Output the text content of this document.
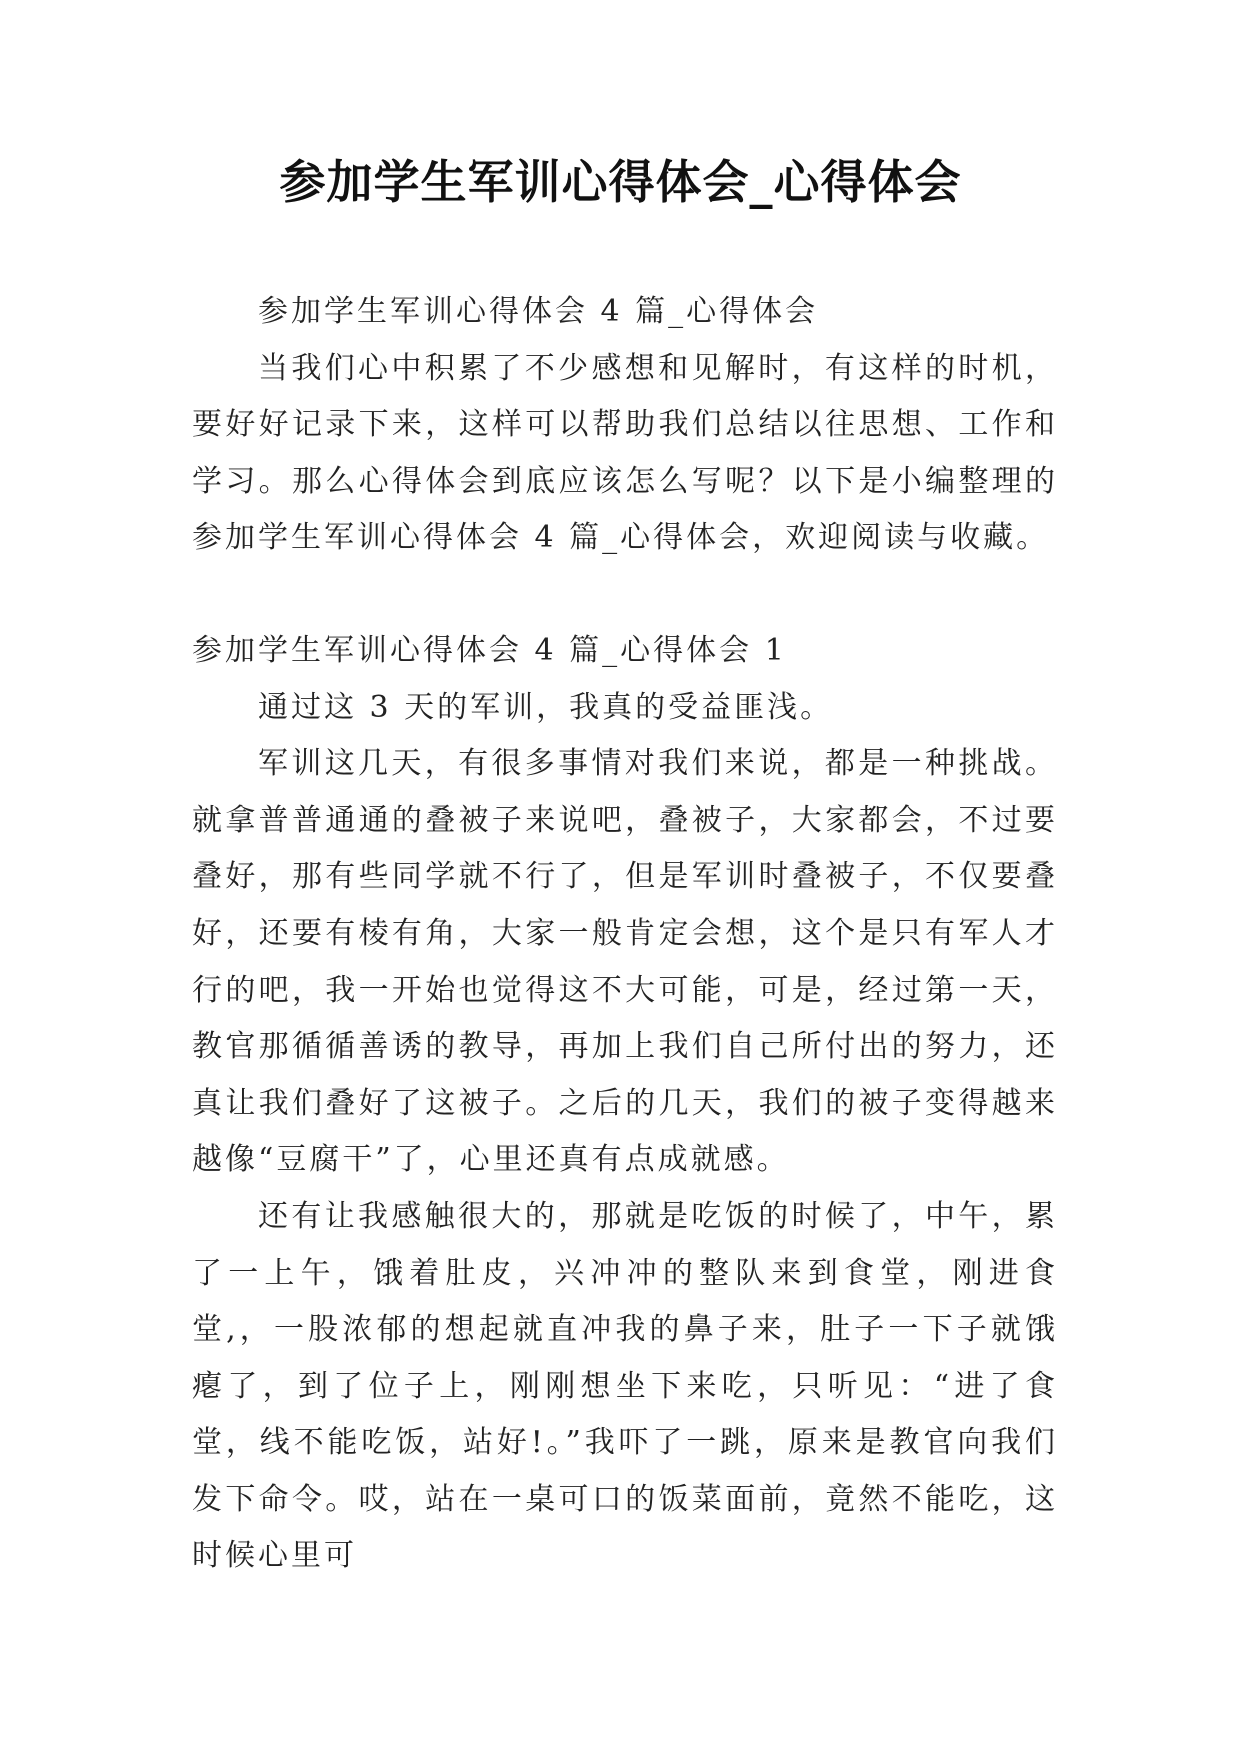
参加学生军训心得体会_心得体会

参加学生军训心得体会 4 篇_心得体会

当我们心中积累了不少感想和见解时，有这样的时机，要好好记录下来，这样可以帮助我们总结以往思想、工作和学习。那么心得体会到底应该怎么写呢？以下是小编整理的参加学生军训心得体会 4 篇_心得体会，欢迎阅读与收藏。

参加学生军训心得体会 4 篇_心得体会 1

通过这 3 天的军训，我真的受益匪浅。

军训这几天，有很多事情对我们来说，都是一种挑战。就拿普普通通的叠被子来说吧，叠被子，大家都会，不过要叠好，那有些同学就不行了，但是军训时叠被子，不仅要叠好，还要有棱有角，大家一般肯定会想，这个是只有军人才行的吧，我一开始也觉得这不大可能，可是，经过第一天，教官那循循善诱的教导，再加上我们自己所付出的努力，还真让我们叠好了这被子。之后的几天，我们的被子变得越来越像“豆腐干”了，心里还真有点成就感。

还有让我感触很大的，那就是吃饭的时候了，中午，累了一上午，饿着肚皮，兴冲冲的整队来到食堂，刚进食堂,，一股浓郁的想起就直冲我的鼻子来，肚子一下子就饿瘪了，到了位子上，刚刚想坐下来吃，只听见：“进了食堂，线不能吃饭，站好!。”我吓了一跳，原来是教官向我们发下命令。哎，站在一桌可口的饭菜面前，竟然不能吃，这时候心里可
